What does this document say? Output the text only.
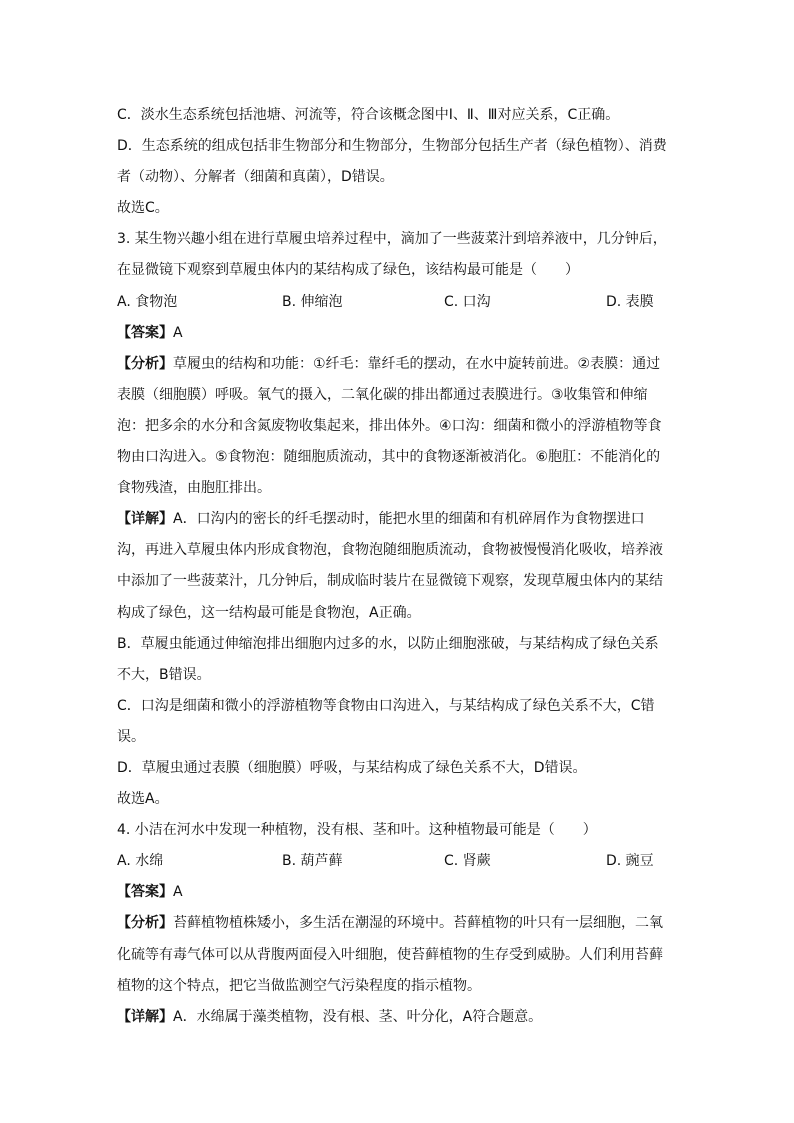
C．淡水生态系统包括池塘、河流等，符合该概念图中Ⅰ、Ⅱ、Ⅲ对应关系，C正确。
D．生态系统的组成包括非生物部分和生物部分，生物部分包括生产者（绿色植物）、消费
者（动物）、分解者（细菌和真菌），D错误。
故选C。
3. 某生物兴趣小组在进行草履虫培养过程中，滴加了一些菠菜汁到培养液中，几分钟后，
在显微镜下观察到草履虫体内的某结构成了绿色，该结构最可能是（　　）
A. 食物泡	B. 伸缩泡	C. 口沟	D. 表膜
【答案】A
【分析】草履虫的结构和功能：①纤毛：靠纤毛的摆动，在水中旋转前进。②表膜：通过
表膜（细胞膜）呼吸。氧气的摄入，二氧化碳的排出都通过表膜进行。③收集管和伸缩
泡：把多余的水分和含氮废物收集起来，排出体外。④口沟：细菌和微小的浮游植物等食
物由口沟进入。⑤食物泡：随细胞质流动，其中的食物逐渐被消化。⑥胞肛：不能消化的
食物残渣，由胞肛排出。
【详解】A．口沟内的密长的纤毛摆动时，能把水里的细菌和有机碎屑作为食物摆进口
沟，再进入草履虫体内形成食物泡，食物泡随细胞质流动，食物被慢慢消化吸收，培养液
中添加了一些菠菜汁，几分钟后，制成临时装片在显微镜下观察，发现草履虫体内的某结
构成了绿色，这一结构最可能是食物泡，A正确。
B．草履虫能通过伸缩泡排出细胞内过多的水，以防止细胞涨破，与某结构成了绿色关系
不大，B错误。
C．口沟是细菌和微小的浮游植物等食物由口沟进入，与某结构成了绿色关系不大，C错
误。
D．草履虫通过表膜（细胞膜）呼吸，与某结构成了绿色关系不大，D错误。
故选A。
4. 小洁在河水中发现一种植物，没有根、茎和叶。这种植物最可能是（　　）
A. 水绵	B. 葫芦藓	C. 肾蕨	D. 豌豆
【答案】A
【分析】苔藓植物植株矮小，多生活在潮湿的环境中。苔藓植物的叶只有一层细胞，二氧
化硫等有毒气体可以从背腹两面侵入叶细胞，使苔藓植物的生存受到威胁。人们利用苔藓
植物的这个特点，把它当做监测空气污染程度的指示植物。
【详解】A．水绵属于藻类植物，没有根、茎、叶分化，A符合题意。
